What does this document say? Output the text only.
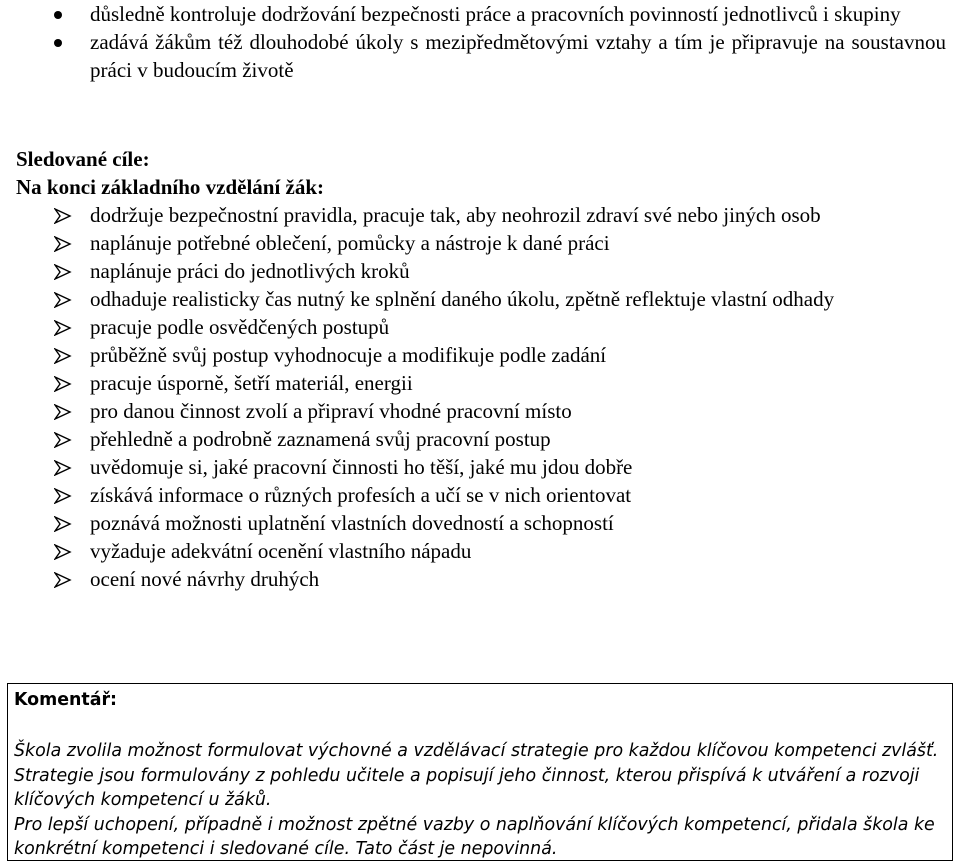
důsledně kontroluje dodržování bezpečnosti práce a pracovních povinností jednotlivců i skupiny
zadává žákům též dlouhodobé úkoly s mezipředmětovými vztahy a tím je připravuje na soustavnou práci v budoucím životě
Sledované cíle:
Na konci základního vzdělání žák:
dodržuje bezpečnostní pravidla, pracuje tak, aby neohrozil zdraví své nebo jiných osob
naplánuje potřebné oblečení, pomůcky a nástroje k dané práci
naplánuje práci do jednotlivých kroků
odhaduje realisticky čas nutný ke splnění daného úkolu, zpětně reflektuje vlastní odhady
pracuje podle osvědčených postupů
průběžně svůj postup vyhodnocuje a modifikuje podle zadání
pracuje úsporně, šetří materiál, energii
pro danou činnost zvolí a připraví vhodné pracovní místo
přehledně a podrobně zaznamená svůj pracovní postup
uvědomuje si, jaké pracovní činnosti ho těší, jaké mu jdou dobře
získává informace o různých profesích a učí se v nich orientovat
poznává možnosti uplatnění vlastních dovedností a schopností
vyžaduje adekvátní ocenění vlastního nápadu
ocení nové návrhy druhých
Komentář:

Škola zvolila možnost formulovat výchovné a vzdělávací strategie pro každou klíčovou kompetenci zvlášť. Strategie jsou formulovány z pohledu učitele a popisují jeho činnost, kterou přispívá k utváření a rozvoji klíčových kompetencí u žáků.

Pro lepší uchopení, případně i možnost zpětné vazby o naplňování klíčových kompetencí, přidala škola ke konkrétní kompetenci i sledované cíle. Tato část je nepovinná.
